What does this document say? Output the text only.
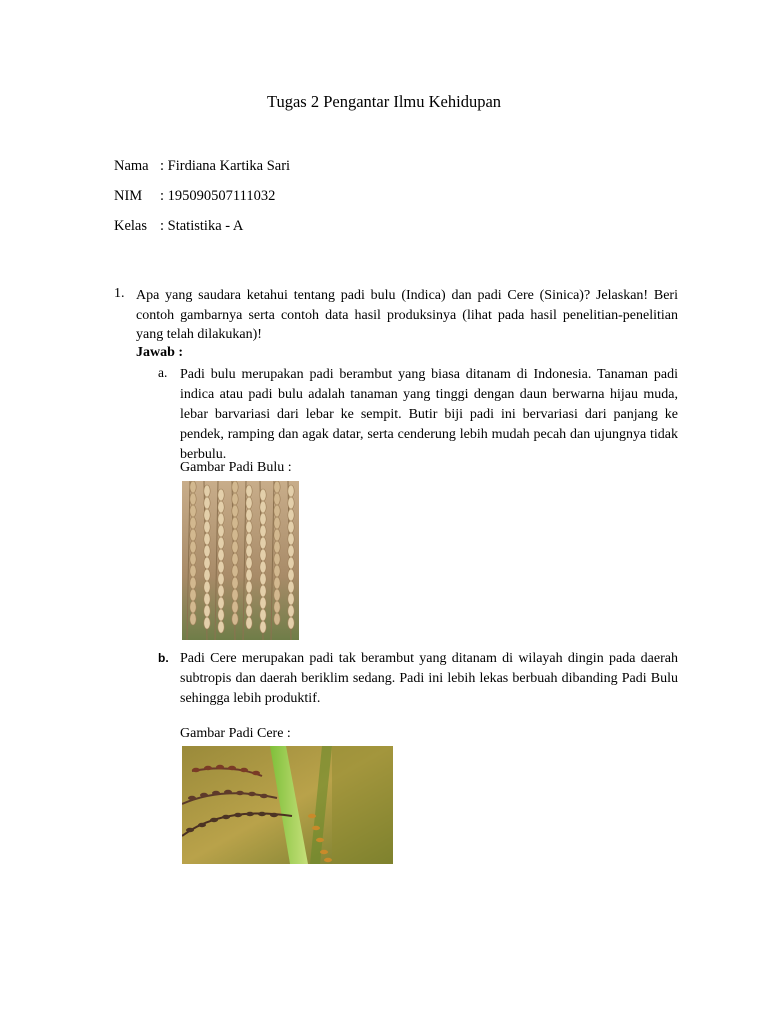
Tugas 2 Pengantar Ilmu Kehidupan
Nama : Firdiana Kartika Sari
NIM : 195090507111032
Kelas : Statistika - A
1. Apa yang saudara ketahui tentang padi bulu (Indica) dan padi Cere (Sinica)? Jelaskan! Beri contoh gambarnya serta contoh data hasil produksinya (lihat pada hasil penelitian-penelitian yang telah dilakukan)!
Jawab :
a. Padi bulu merupakan padi berambut yang biasa ditanam di Indonesia. Tanaman padi indica atau padi bulu adalah tanaman yang tinggi dengan daun berwarna hijau muda, lebar barvariasi dari lebar ke sempit. Butir biji padi ini bervariasi dari panjang ke pendek, ramping dan agak datar, serta cenderung lebih mudah pecah dan ujungnya tidak berbulu.
Gambar Padi Bulu :
b. Padi Cere merupakan padi tak berambut yang ditanam di wilayah dingin pada daerah subtropis dan daerah beriklim sedang. Padi ini lebih lekas berbuah dibanding Padi Bulu sehingga lebih produktif.
Gambar Padi Cere :
